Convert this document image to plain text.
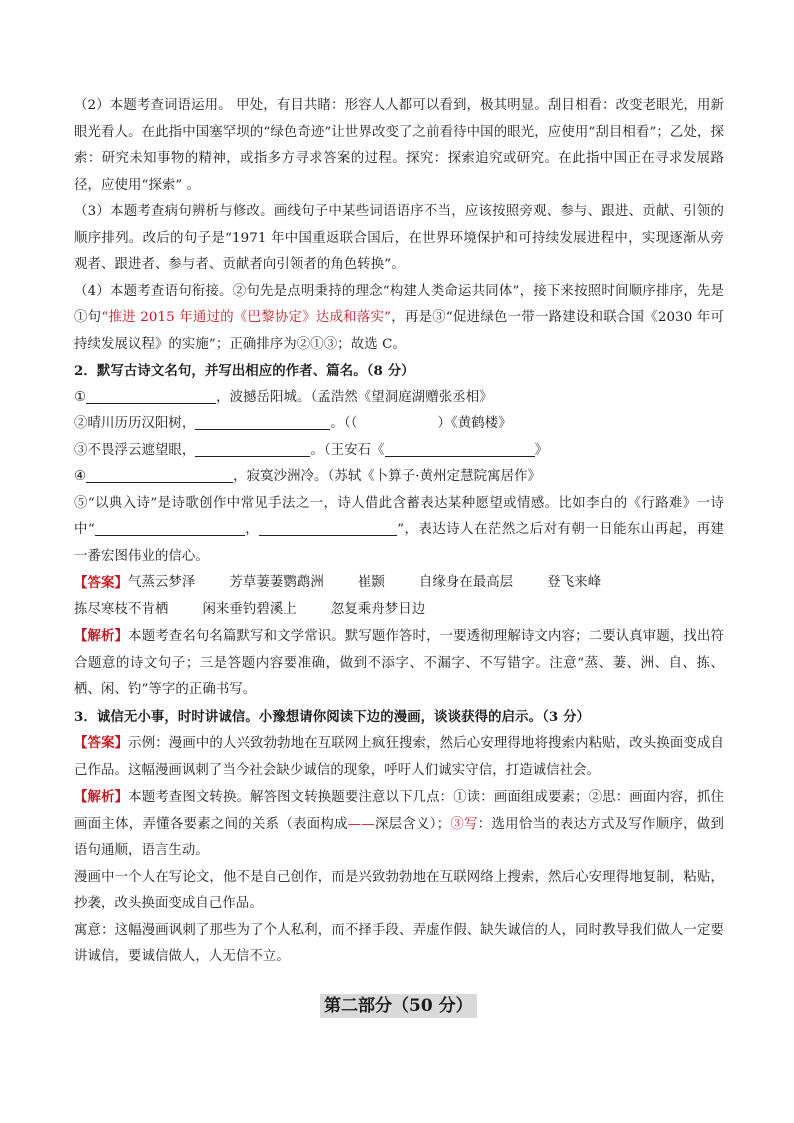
（2）本题考查词语运用。 甲处，有目共睹：形容人人都可以看到，极其明显。刮目相看：改变老眼光，用新眼光看人。在此指中国塞罕坝的“绿色奇迹”让世界改变了之前看待中国的眼光，应使用“刮目相看”；乙处，探索：研究未知事物的精神，或指多方寻求答案的过程。探究：探索追究或研究。在此指中国正在寻求发展路径，应使用“探索” 。

（3）本题考查病句辨析与修改。画线句子中某些词语语序不当，应该按照旁观、参与、跟进、贡献、引领的顺序排列。改后的句子是“1971 年中国重返联合国后，在世界环境保护和可持续发展进程中，实现逐渐从旁观者、跟进者、参与者、贡献者向引领者的角色转换”。

（4）本题考查语句衔接。②句先是点明秉持的理念“构建人类命运共同体”，接下来按照时间顺序排序，先是①句“推进 2015 年通过的《巴黎协定》达成和落实”，再是③“促进绿色一带一路建设和联合国《2030 年可持续发展议程》的实施”；正确排序为②①③；故选 C。

2．默写古诗文名句，并写出相应的作者、篇名。（8 分）

①	，波撼岳阳城。（孟浩然《望洞庭湖赠张丞相》

②晴川历历汉阳树，	。（（	）《黄鹤楼》

③不畏浮云遮望眼，	。（王安石《	》

④	，寂寞沙洲冷。（苏轼《卜算子·黄州定慧院寓居作》

⑤“以典入诗”是诗歌创作中常见手法之一，诗人借此含蓄表达某种愿望或情感。比如李白的《行路难》一诗中“	，	”，表达诗人在茫然之后对有朝一日能东山再起，再建一番宏图伟业的信心。

【答案】 气蒸云梦泽	芳草萋萋鹦鹉洲	崔颢	自缘身在最高层	登飞来峰
拣尽寒枝不肯栖	闲来垂钓碧溪上	忽复乘舟梦日边

【解析】本题考查名句名篇默写和文学常识。默写题作答时，一要透彻理解诗文内容；二要认真审题，找出符合题意的诗文句子；三是答题内容要准确，做到不添字、不漏字、不写错字。注意“蒸、萋、洲、自、拣、栖、闲、钓”等字的正确书写。

3．诚信无小事，时时讲诚信。小豫想请你阅读下边的漫画，谈谈获得的启示。（3 分）

【答案】示例：漫画中的人兴致勃勃地在互联网上疯狂搜索，然后心安理得地将搜索内粘贴，改头换面变成自己作品。这幅漫画讽刺了当今社会缺少诚信的现象，呼吁人们诚实守信，打造诚信社会。

【解析】本题考查图文转换。解答图文转换题要注意以下几点：①读：画面组成要素；②思：画面内容，抓住画面主体，弄懂各要素之间的关系（表面构成——深层含义）；③写：选用恰当的表达方式及写作顺序，做到语句通顺，语言生动。

漫画中一个人在写论文，他不是自己创作，而是兴致勃勃地在互联网络上搜索，然后心安理得地复制，粘贴，抄袭，改头换面变成自己作品。

寓意：这幅漫画讽刺了那些为了个人私利，而不择手段、弄虚作假、缺失诚信的人，同时教导我们做人一定要讲诚信，要诚信做人，人无信不立。

第二部分（50 分）
